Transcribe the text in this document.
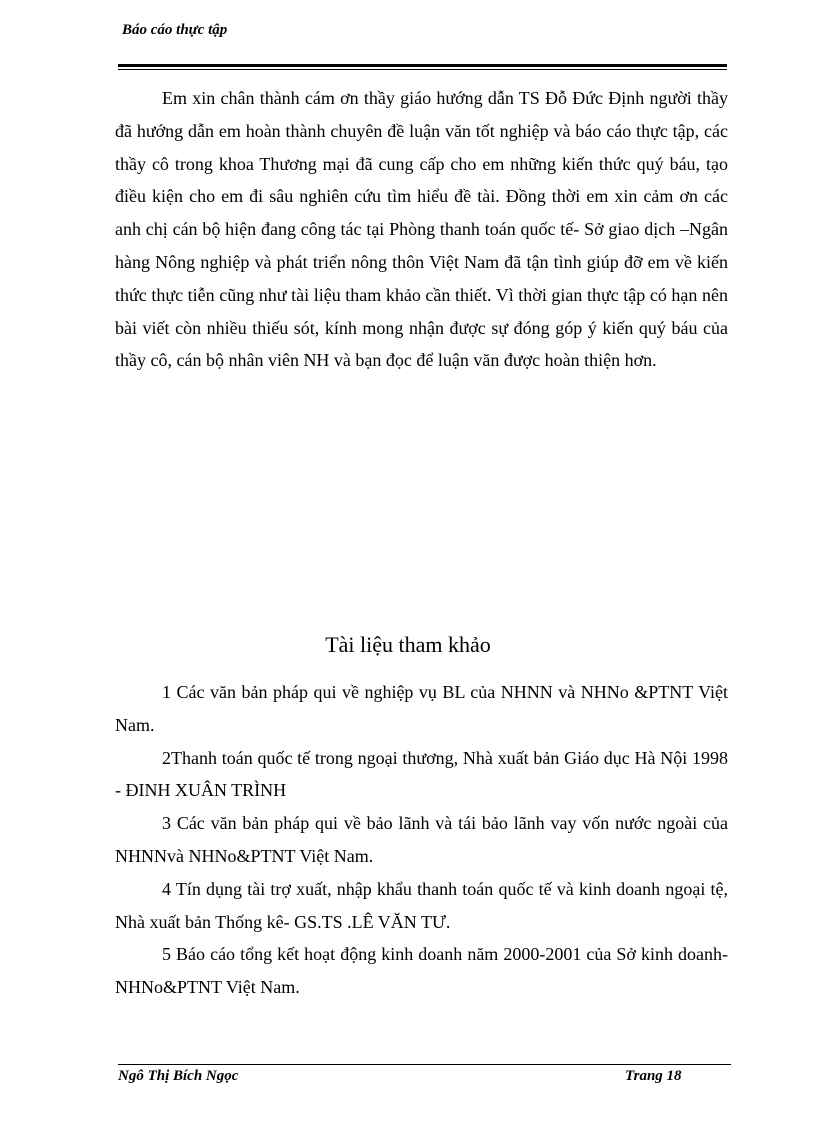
Báo cáo thực tập

Em xin chân thành cám ơn thầy giáo hướng dẫn TS Đỗ Đức Định người thầy đã hướng dẫn em hoàn thành chuyên đề luận văn tốt nghiệp và báo cáo thực tập, các thầy cô trong khoa Thương mại đã cung cấp cho em những kiến thức quý báu, tạo điều kiện cho em đi sâu nghiên cứu tìm hiểu đề tài. Đồng thời em xin cảm ơn các anh chị cán bộ hiện đang công tác tại Phòng thanh toán quốc tế- Sở giao dịch –Ngân hàng Nông nghiệp và phát triển nông thôn Việt Nam đã tận tình giúp đỡ em về kiến thức thực tiễn cũng như tài liệu tham khảo cần thiết. Vì thời gian thực tập có hạn nên bài viết còn nhiều thiếu sót, kính mong nhận được sự đóng góp ý kiến quý báu của thầy cô, cán bộ nhân viên NH và bạn đọc để luận văn được hoàn thiện hơn.

Tài liệu tham khảo

1 Các văn bản pháp qui về nghiệp vụ BL của NHNN và NHNo &PTNT Việt Nam.

2Thanh toán quốc tế trong ngoại thương, Nhà xuất bản Giáo dục Hà Nội 1998 - ĐINH XUÂN TRÌNH

3 Các văn bản pháp qui về bảo lãnh và tái bảo lãnh vay vốn nước ngoài của NHNNvà NHNo&PTNT Việt Nam.

4 Tín dụng tài trợ xuất, nhập khẩu thanh toán quốc tế và kinh doanh ngoại tệ, Nhà xuất bản Thống kê- GS.TS .LÊ VĂN TƯ.

5 Báo cáo tổng kết hoạt động kinh doanh năm 2000-2001 của Sở kinh doanh- NHNo&PTNT Việt Nam.

Ngô Thị Bích Ngọc	Trang 18
